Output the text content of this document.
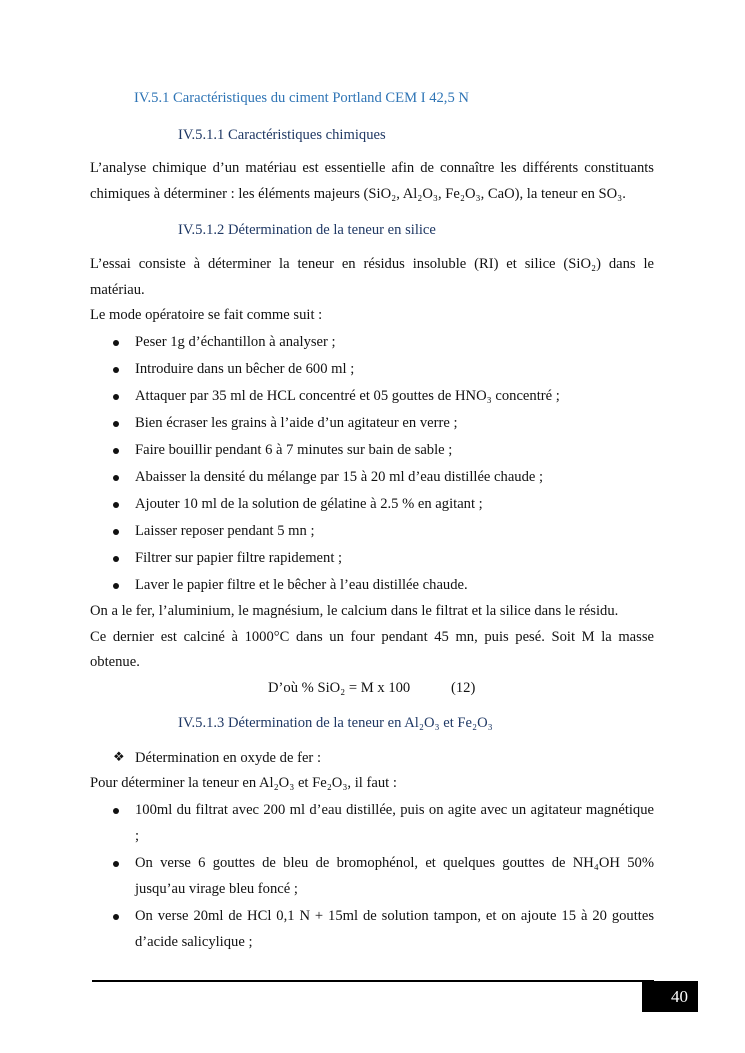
IV.5.1 Caractéristiques du ciment Portland CEM I 42,5 N
IV.5.1.1 Caractéristiques chimiques
L’analyse chimique d’un matériau est essentielle afin de connaître les différents constituants
chimiques à déterminer : les éléments majeurs (SiO₂, Al₂O₃, Fe₂O₃, CaO), la teneur en SO₃.
IV.5.1.2 Détermination de la teneur en silice
L’essai consiste à déterminer la teneur en résidus insoluble (RI) et silice (SiO₂) dans le
matériau.
Le mode opératoire se fait comme suit :
Peser 1g d’échantillon à analyser ;
Introduire dans un bêcher de 600 ml ;
Attaquer par 35 ml de HCL concentré et 05 gouttes de HNO₃ concentré ;
Bien écraser les grains à l’aide d’un agitateur en verre ;
Faire bouillir pendant 6 à 7 minutes sur bain de sable ;
Abaisser la densité du mélange par 15 à 20 ml d’eau distillée chaude ;
Ajouter 10 ml de la solution de gélatine à 2.5 % en agitant ;
Laisser reposer pendant 5 mn ;
Filtrer sur papier filtre rapidement ;
Laver le papier filtre et le bêcher à l’eau distillée chaude.
On a le fer, l’aluminium, le magnésium, le calcium dans le filtrat et la silice dans le résidu.
Ce dernier est calciné à 1000°C dans un four pendant 45 mn, puis pesé. Soit M la masse
obtenue.
D’où % SiO₂ = M x 100	(12)
IV.5.1.3 Détermination de la teneur en Al₂O₃ et Fe₂O₃
❖ Détermination en oxyde de fer :
Pour déterminer la teneur en Al₂O₃ et Fe₂O₃, il faut :
100ml du filtrat avec 200 ml d’eau distillée, puis on agite avec un agitateur magnétique
;
On verse 6 gouttes de bleu de bromophénol, et quelques gouttes de NH₄OH 50%
jusqu’au virage bleu foncé ;
On verse 20ml de HCl 0,1 N + 15ml de solution tampon, et on ajoute 15 à 20 gouttes
d’acide salicylique ;
40
